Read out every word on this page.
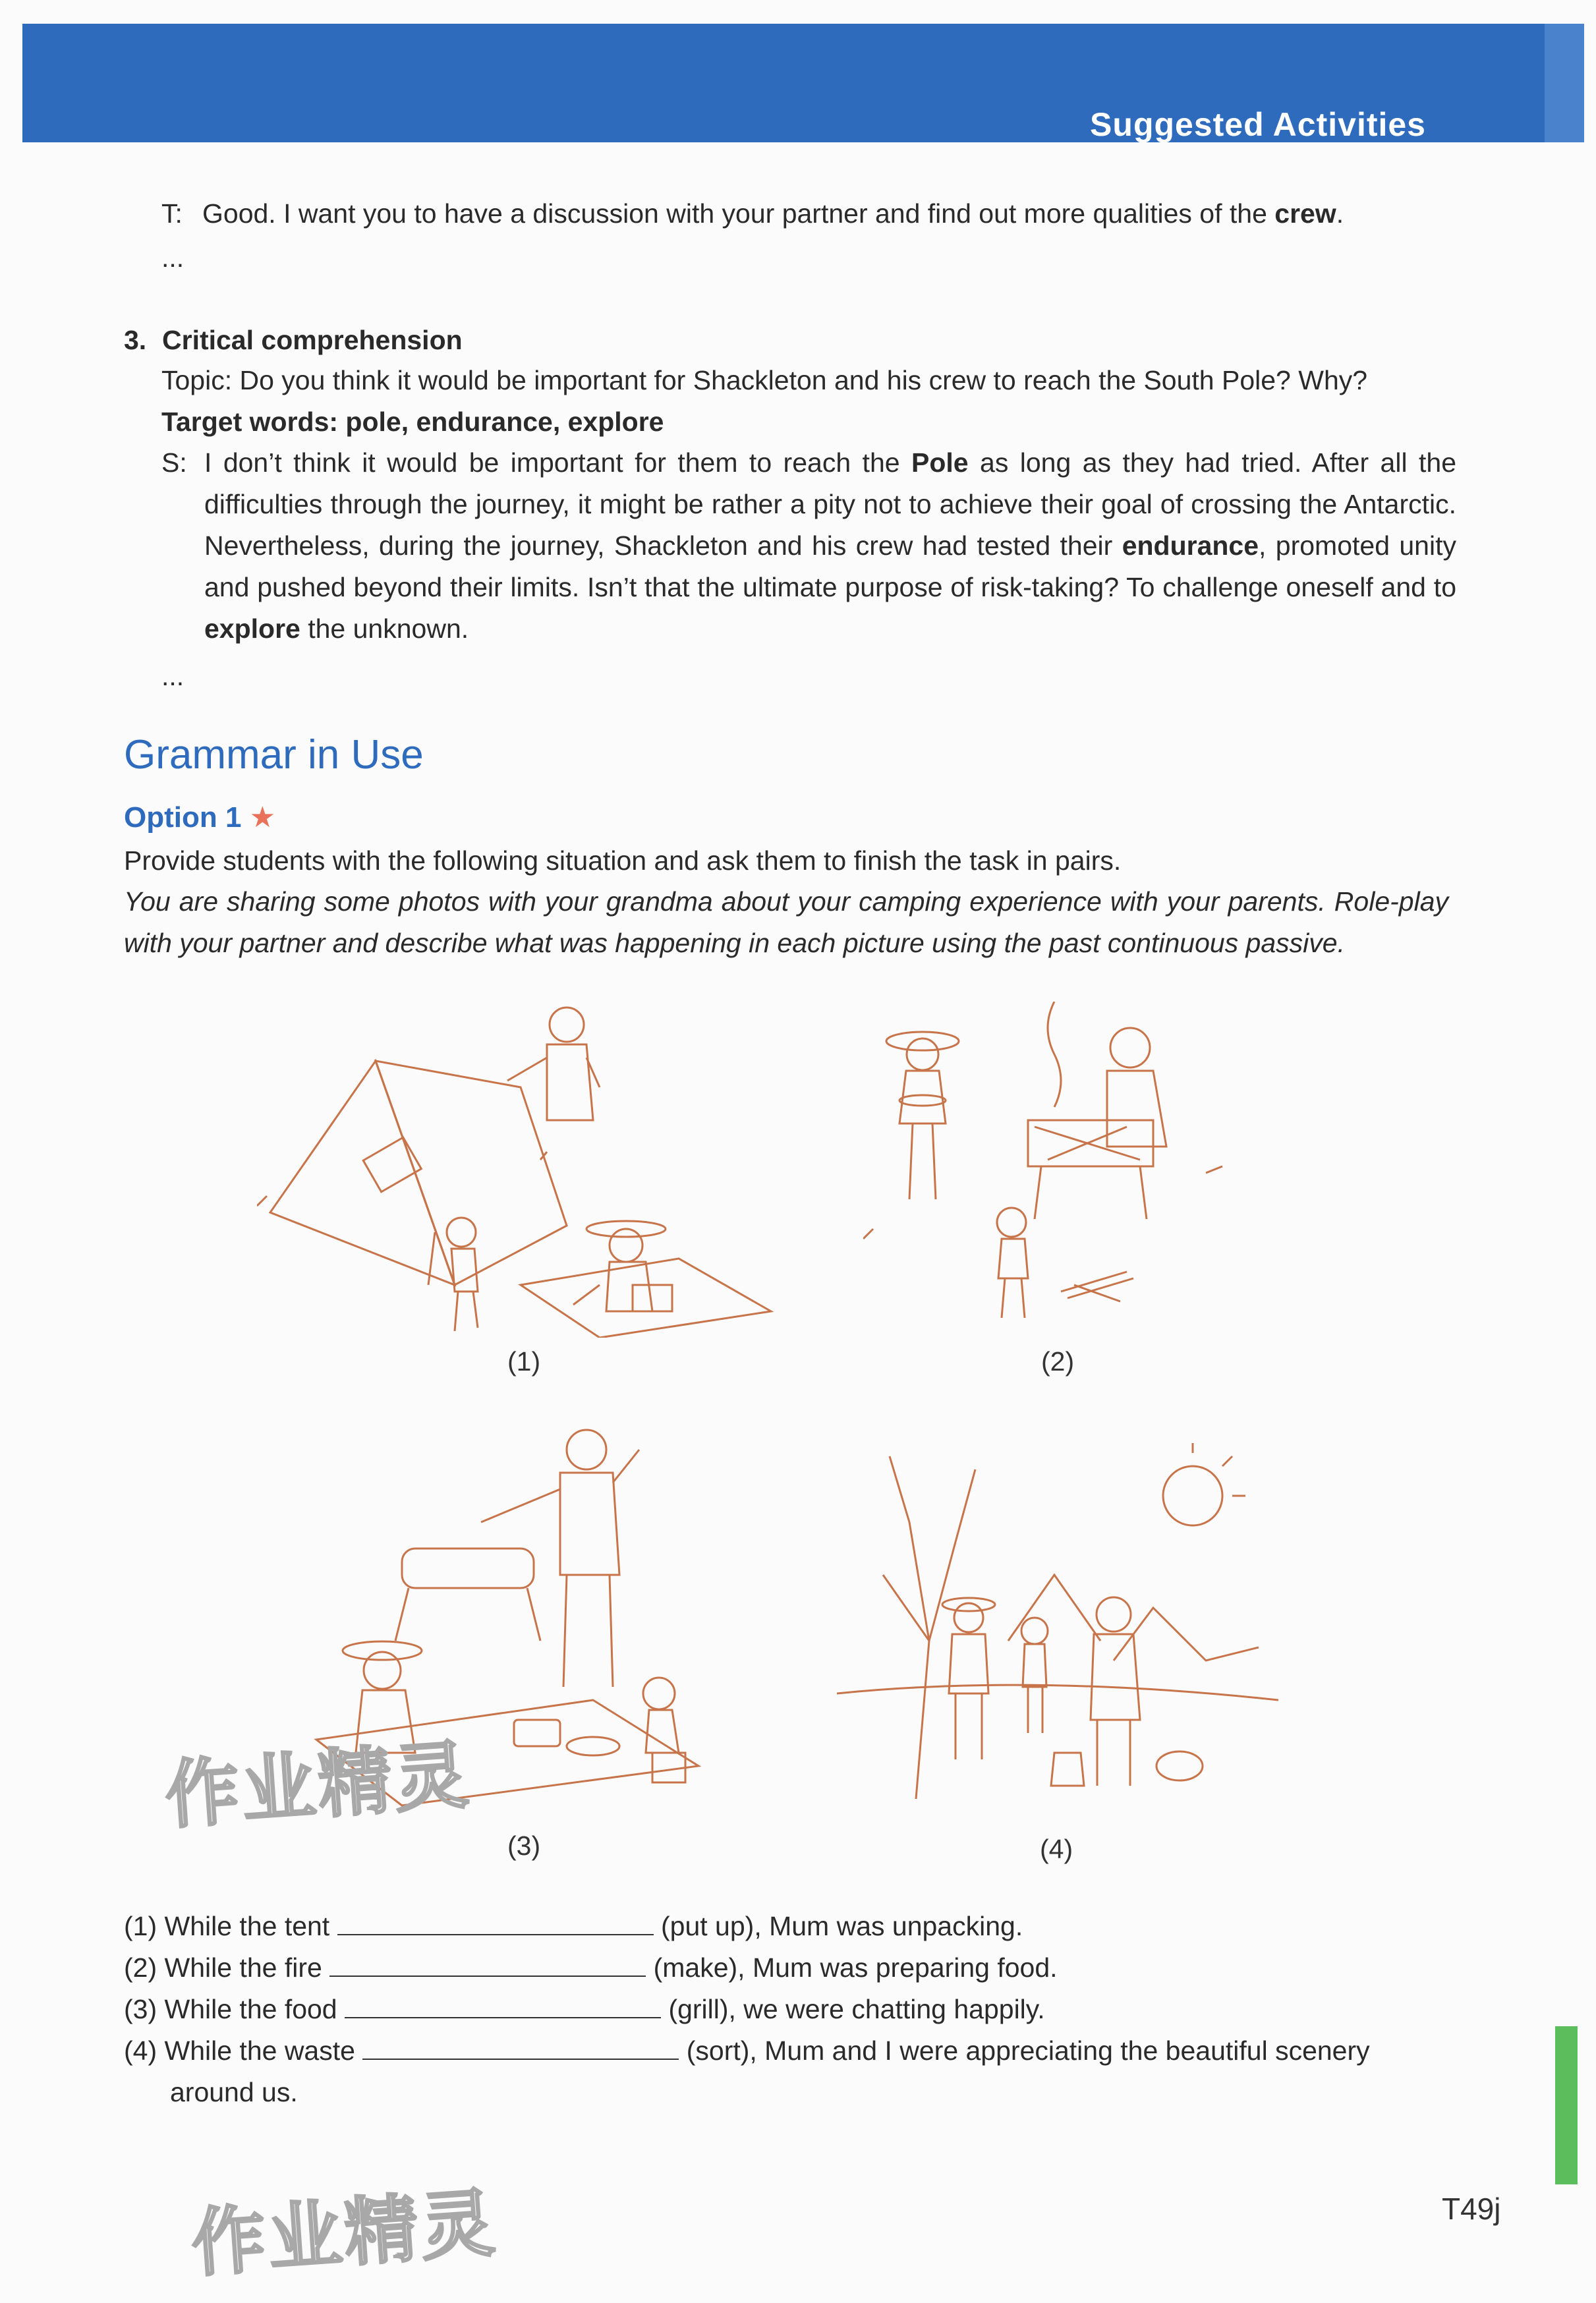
Suggested Activities
T: Good. I want you to have a discussion with your partner and find out more qualities of the crew.
...
3. Critical comprehension
Topic: Do you think it would be important for Shackleton and his crew to reach the South Pole? Why?
Target words: pole, endurance, explore
S: I don’t think it would be important for them to reach the Pole as long as they had tried. After all the difficulties through the journey, it might be rather a pity not to achieve their goal of crossing the Antarctic. Nevertheless, during the journey, Shackleton and his crew had tested their endurance, promoted unity and pushed beyond their limits. Isn’t that the ultimate purpose of risk-taking? To challenge oneself and to explore the unknown.
...
Grammar in Use
Option 1 ★
Provide students with the following situation and ask them to finish the task in pairs.
You are sharing some photos with your grandma about your camping experience with your parents. Role-play with your partner and describe what was happening in each picture using the past continuous passive.
(1)	(2)
(3)	(4)
(1) While the tent	(put up), Mum was unpacking.
(2) While the fire	(make), Mum was preparing food.
(3) While the food	(grill), we were chatting happily.
(4) While the waste	(sort), Mum and I were appreciating the beautiful scenery
around us.
T49j
作业精灵
作业精灵
